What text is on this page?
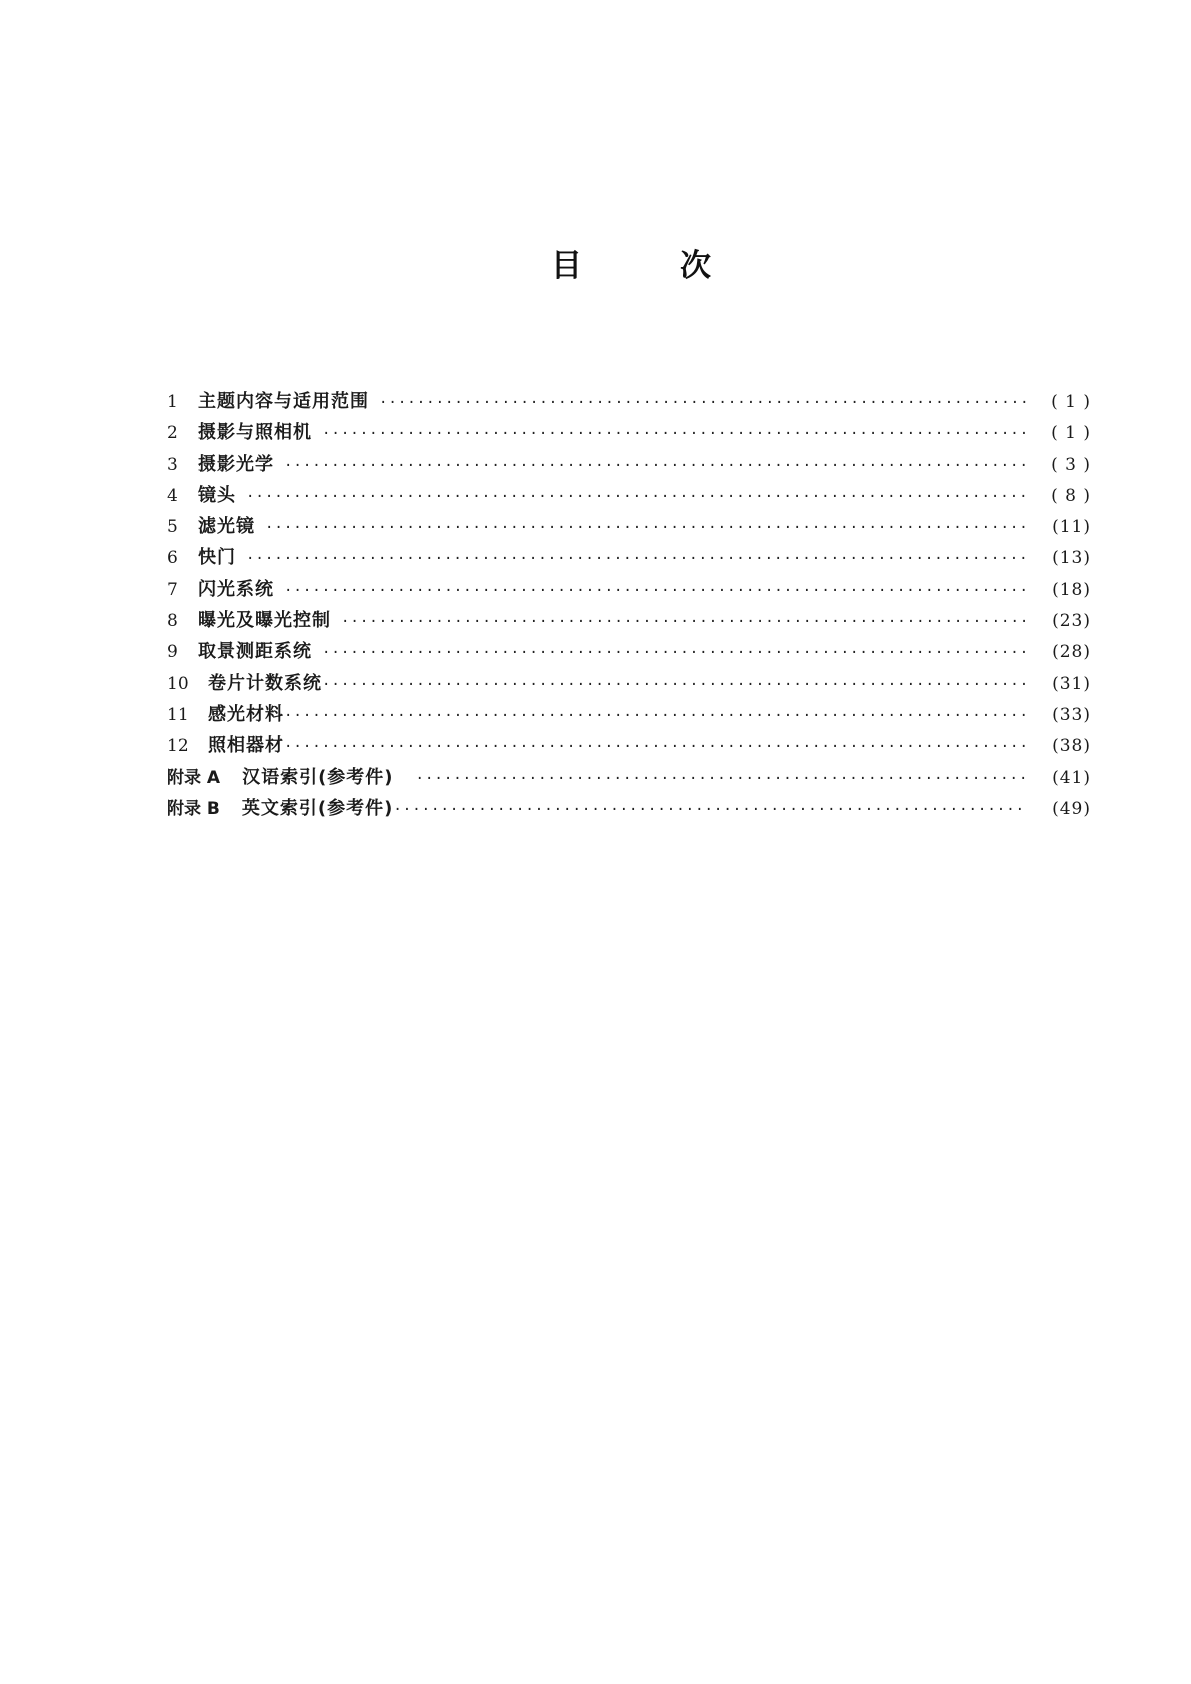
目	次
1	主题内容与适用范围 ·····	( 1 )
2	摄影与照相机 ·····	( 1 )
3	摄影光学 ·····	( 3 )
4	镜头 ·····	( 8 )
5	滤光镜 ·····	(11)
6	快门 ·····	(13)
7	闪光系统 ·····	(18)
8	曝光及曝光控制 ·····	(23)
9	取景测距系统 ·····	(28)
10	卷片计数系统 ·····	(31)
11	感光材料 ·····	(33)
12	照相器材 ·····	(38)
附录 A 汉语索引(参考件) ·····	(41)
附录 B 英文索引(参考件) ·····	(49)
